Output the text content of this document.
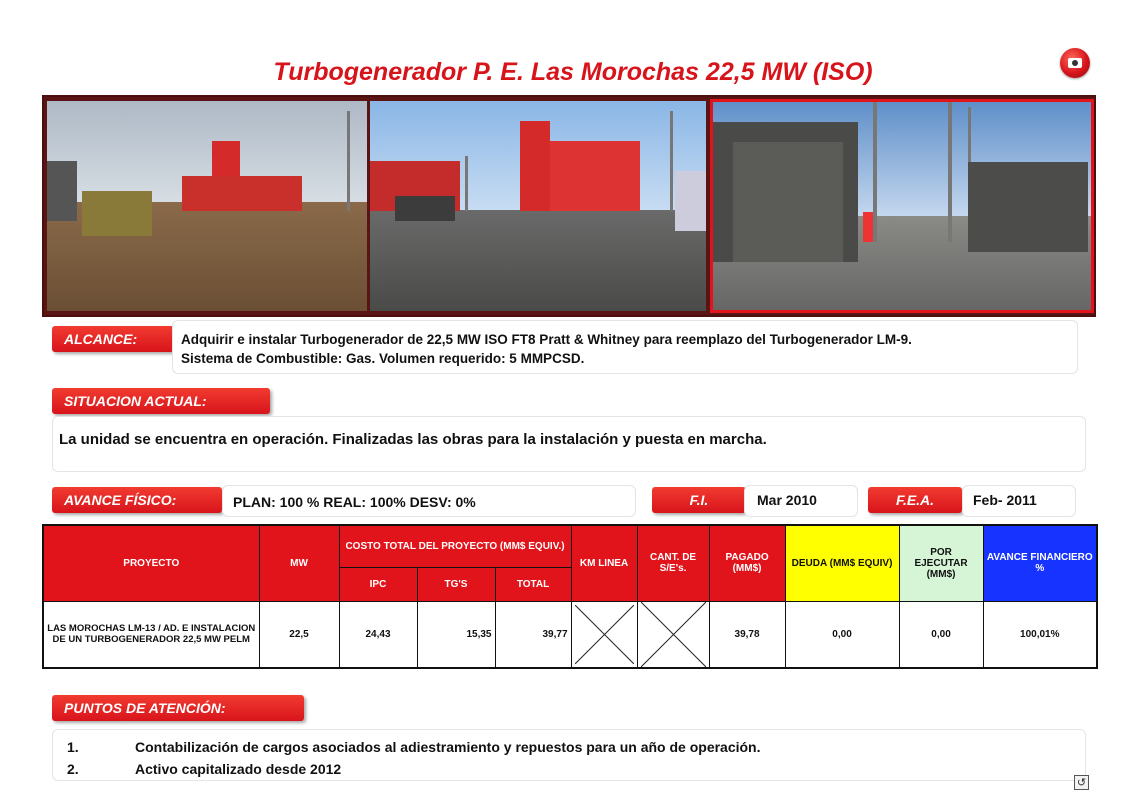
Turbogenerador P. E. Las Morochas 22,5 MW (ISO)
ALCANCE:	Adquirir e instalar Turbogenerador de 22,5 MW ISO FT8 Pratt & Whitney para reemplazo del Turbogenerador LM-9.
Sistema de Combustible: Gas. Volumen requerido: 5 MMPCSD.
SITUACION ACTUAL:
La unidad se encuentra en operación. Finalizadas las obras para la instalación y puesta en marcha.
AVANCE FÍSICO:	PLAN: 100 % REAL: 100% DESV: 0%	F.I.	Mar 2010	F.E.A.	Feb- 2011
PROYECTO	MW	COSTO TOTAL DEL PROYECTO (MM$ EQUIV.)			KM LINEA	CANT. DE S/E's.	PAGADO (MM$)	DEUDA (MM$ EQUIV)	POR EJECUTAR (MM$)	AVANCE FINANCIERO %
		IPC	TG'S	TOTAL						
LAS MOROCHAS LM-13 / AD. E INSTALACION DE UN TURBOGENERADOR 22,5 MW PELM	22,5	24,43	15,35	39,77			39,78	0,00	0,00	100,01%
PUNTOS DE ATENCIÓN:
1.	Contabilización de cargos asociados al adiestramiento y repuestos para un año de operación.
2.	Activo capitalizado desde 2012
↺
